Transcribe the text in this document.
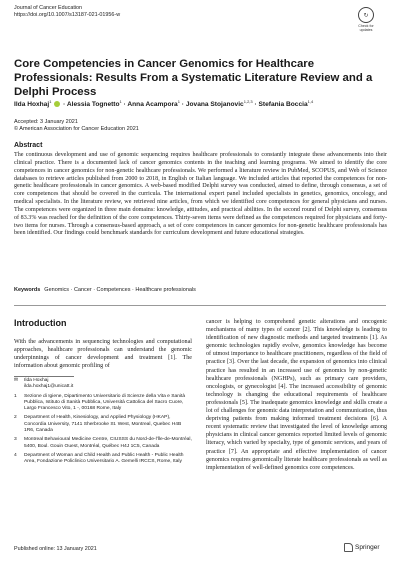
Journal of Cancer Education
https://doi.org/10.1007/s13187-021-01956-w	↻
Check for updates
Core Competencies in Cancer Genomics for Healthcare Professionals: Results From a Systematic Literature Review and a Delphi Process
Ilda Hoxhaj$^1$  · Alessia Tognetto$^1$ · Anna Acampora$^1$ · Jovana Stojanovic$^{1,2,3}$ · Stefania Boccia$^{1,4}$
Accepted: 3 January 2021
© American Association for Cancer Education 2021
Abstract
The continuous development and use of genomic sequencing requires healthcare professionals to constantly integrate these advancements into their clinical practice. There is a documented lack of cancer genomics contents in the teaching and learning programs. We aimed to identify the core competences in cancer genomics for non-genetic healthcare professionals. We performed a literature review in PubMed, SCOPUS, and Web of Science databases to retrieve articles published from 2000 to 2018, in English or Italian language. We included articles that reported the competences for non-genetic healthcare professionals in cancer genomics. A web-based modified Delphi survey was conducted, aimed to define, through consensus, a set of core competences that should be covered in the curricula. The international expert panel included specialists in genetics, genomics, oncology, and medical specialists. In the literature review, we retrieved nine articles, from which we identified core competences for general physicians and nurses. The competences were organized in three main domains: knowledge, attitudes, and practical abilities. In the second round of Delphi survey, consensus of 83.3% was reached for the definition of the core competences. Thirty-seven items were defined as the competences required for physicians and forty-two items for nurses. Through a consensus-based approach, a set of core competences in cancer genomics for non-genetic healthcare professionals has been identified. Our findings could benchmark standards for curriculum development and future educational strategies.
Keywords Genomics · Cancer · Competences · Healthcare professionals
Introduction
With the advancements in sequencing technologies and computational approaches, healthcare professionals can understand the genomic underpinnings of cancer development and treatment [1]. The information about genomic profiling of
✉	Ilda Hoxhaj
ilda.hoxhaj1@unicatt.it
1	Sezione di Igiene, Dipartimento Universitario di Scienze della Vita e Sanità Pubblica, Istituto di Sanità Pubblica, Università Cattolica del Sacro Cuore, Largo Francesco Vito, 1 -, 00168 Rome, Italy
2	Department of Health, Kinesiology, and Applied Physiology (HKAP), Concordia University, 7141 Sherbrooke St. West, Montreal, Quebec H4B 1R6, Canada
3	Montreal Behavioural Medicine Centre, CIUSSS du Nord-de-l'Île-de-Montréal, 5400, Boul. Gouin Ouest, Montréal, Québec H4J 1C5, Canada
4	Department of Woman and Child Health and Public Health - Public Health Area, Fondazione Policlinico Universitario A. Gemelli IRCCS, Rome, Italy
cancer is helping to comprehend genetic alterations and oncogenic mechanisms of many types of cancer [2]. This knowledge is leading to identification of new diagnostic methods and targeted treatments [1]. As genomic technologies rapidly evolve, genomics knowledge has become of utmost importance to healthcare practitioners, regardless of the field of practice [3]. Over the last decade, the expansion of genomics into clinical practice has resulted in an increased use of genomics by non-genetic healthcare professionals (NGHPs), such as primary care providers, oncologists, or gynecologist [4]. The increased accessibility of genomic technology is changing the educational requirements of healthcare professionals [5]. The inadequate genomics knowledge and skills create a lot of challenges for genomic data interpretation and communication, thus depriving patients from making informed treatment decisions [6]. A recent systematic review that investigated the level of knowledge among physicians in clinical cancer genomics reported limited levels of genomic literacy, which varied by specialty, type of genomic services, and years of practice [7]. An appropriate and effective implementation of cancer genomics requires genomically literate healthcare professionals as well as implementation of well-defined genomics core competences.
Published online: 13 January 2021	Springer
